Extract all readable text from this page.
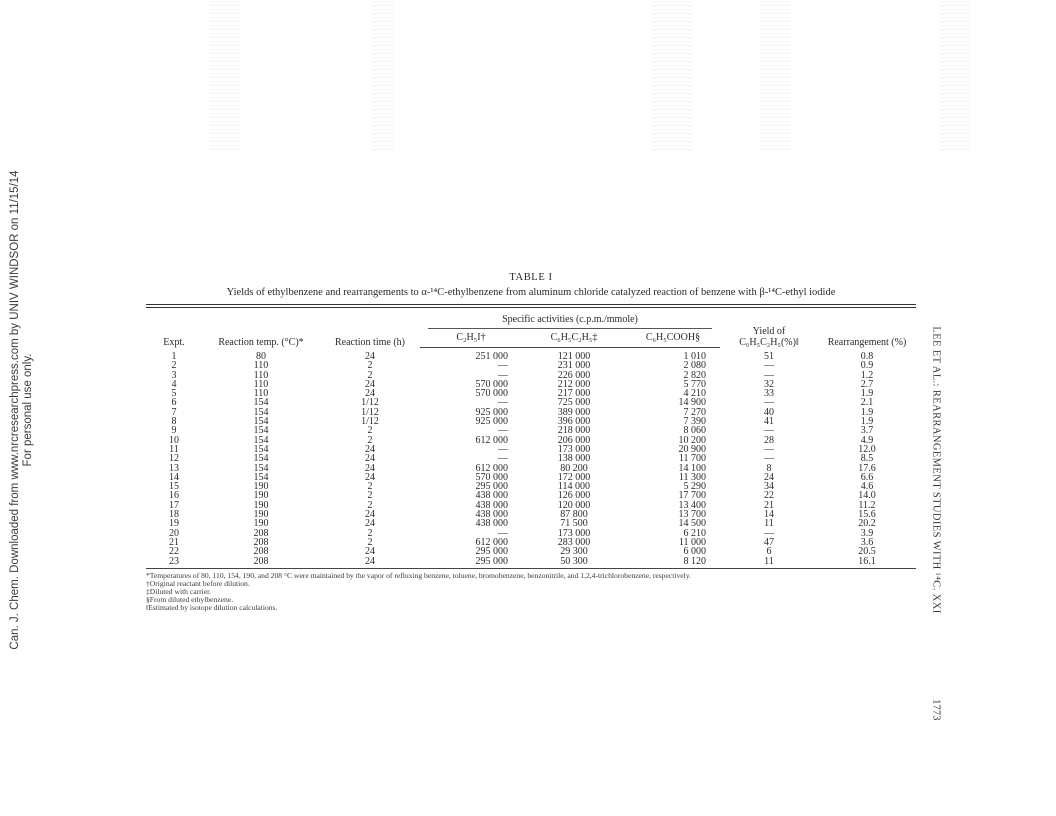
Can. J. Chem. Downloaded from www.nrcresearchpress.com by UNIV WINDSOR on 11/15/14 For personal use only.	LEE ET AL.: REARRANGEMENT STUDIES WITH ¹⁴C. XXI
1773

TABLE I

Yields of ethylbenzene and rearrangements to α-¹⁴C-ethylbenzene from aluminum chloride catalyzed reaction of benzene with β-¹⁴C-ethyl iodide

Expt.	Reaction temp. (°C)*	Reaction time (h)	Specific activities (c.p.m./mmole)			Yield of C₆H₅C₂H₅(%)‖	Rearrangement (%)
			C₂H₅I†	C₆H₅C₂H₅‡	C₆H₅COOH§		
1	80	24	251 000	121 000	1 010	51	0.8
2	110	2	—	231 000	2 080	—	0.9
3	110	2	—	226 000	2 820	—	1.2
4	110	24	570 000	212 000	5 770	32	2.7
5	110	24	570 000	217 000	4 210	33	1.9
6	154	1/12	—	725 000	14 900	—	2.1
7	154	1/12	925 000	389 000	7 270	40	1.9
8	154	1/12	925 000	396 000	7 390	41	1.9
9	154	2	—	218 000	8 060	—	3.7
10	154	2	612 000	206 000	10 200	28	4.9
11	154	24	—	173 000	20 900	—	12.0
12	154	24	—	138 000	11 700	—	8.5
13	154	24	612 000	80 200	14 100	8	17.6
14	154	24	570 000	172 000	11 300	24	6.6
15	190	2	295 000	114 000	5 290	34	4.6
16	190	2	438 000	126 000	17 700	22	14.0
17	190	2	438 000	120 000	13 400	21	11.2
18	190	24	438 000	87 800	13 700	14	15.6
19	190	24	438 000	71 500	14 500	11	20.2
20	208	2	—	173 000	6 210	—	3.9
21	208	2	612 000	283 000	11 000	47	3.6
22	208	24	295 000	29 300	6 000	6	20.5
23	208	24	295 000	50 300	8 120	11	16.1
*Temperatures of 80, 110, 154, 190, and 208 °C were maintained by the vapor of refluxing benzene, toluene, bromobenzene, benzonitrile, and 1,2,4-trichlorobenzene, respectively.
†Original reactant before dilution.
‡Diluted with carrier.
§From diluted ethylbenzene.
‖Estimated by isotope dilution calculations.
